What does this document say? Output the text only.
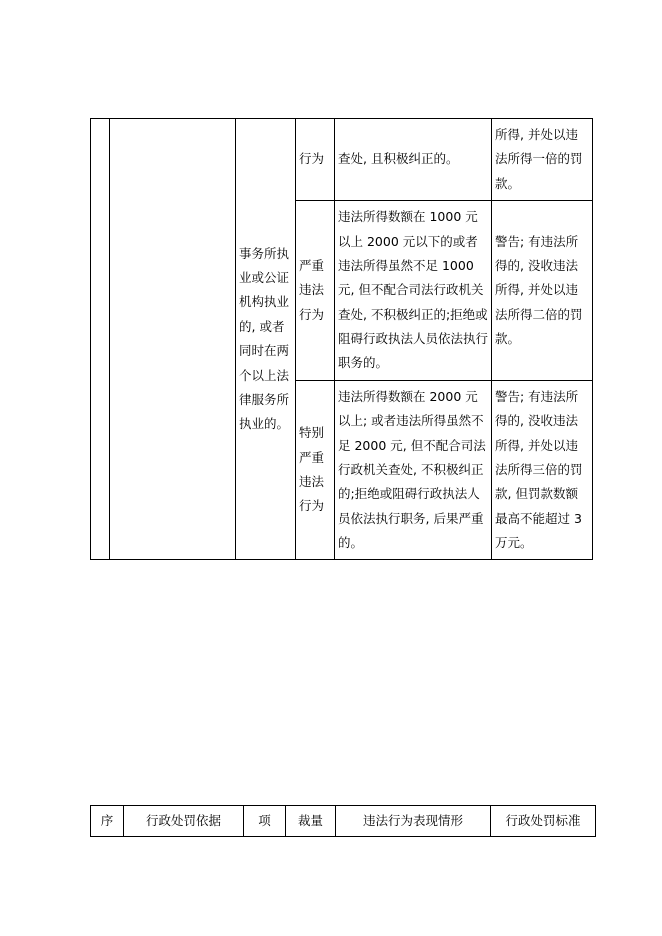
		事务所执业或公证机构执业的, 或者同时在两个以上法律服务所执业的。	行为	查处, 且积极纠正的。	所得, 并处以违法所得一倍的罚款。

			严重违法行为	违法所得数额在 1000 元以上 2000 元以下的或者违法所得虽然不足 1000 元, 但不配合司法行政机关查处, 不积极纠正的;拒绝或阻碍行政执法人员依法执行职务的。	警告; 有违法所得的, 没收违法所得, 并处以违法所得二倍的罚款。

			特别严重违法行为	违法所得数额在 2000 元以上; 或者违法所得虽然不足 2000 元, 但不配合司法行政机关查处, 不积极纠正的;拒绝或阻碍行政执法人员依法执行职务, 后果严重的。	警告; 有违法所得的, 没收违法所得, 并处以违法所得三倍的罚款, 但罚款数额最高不能超过 3 万元。
序	行政处罚依据	项	裁量	违法行为表现情形	行政处罚标准
